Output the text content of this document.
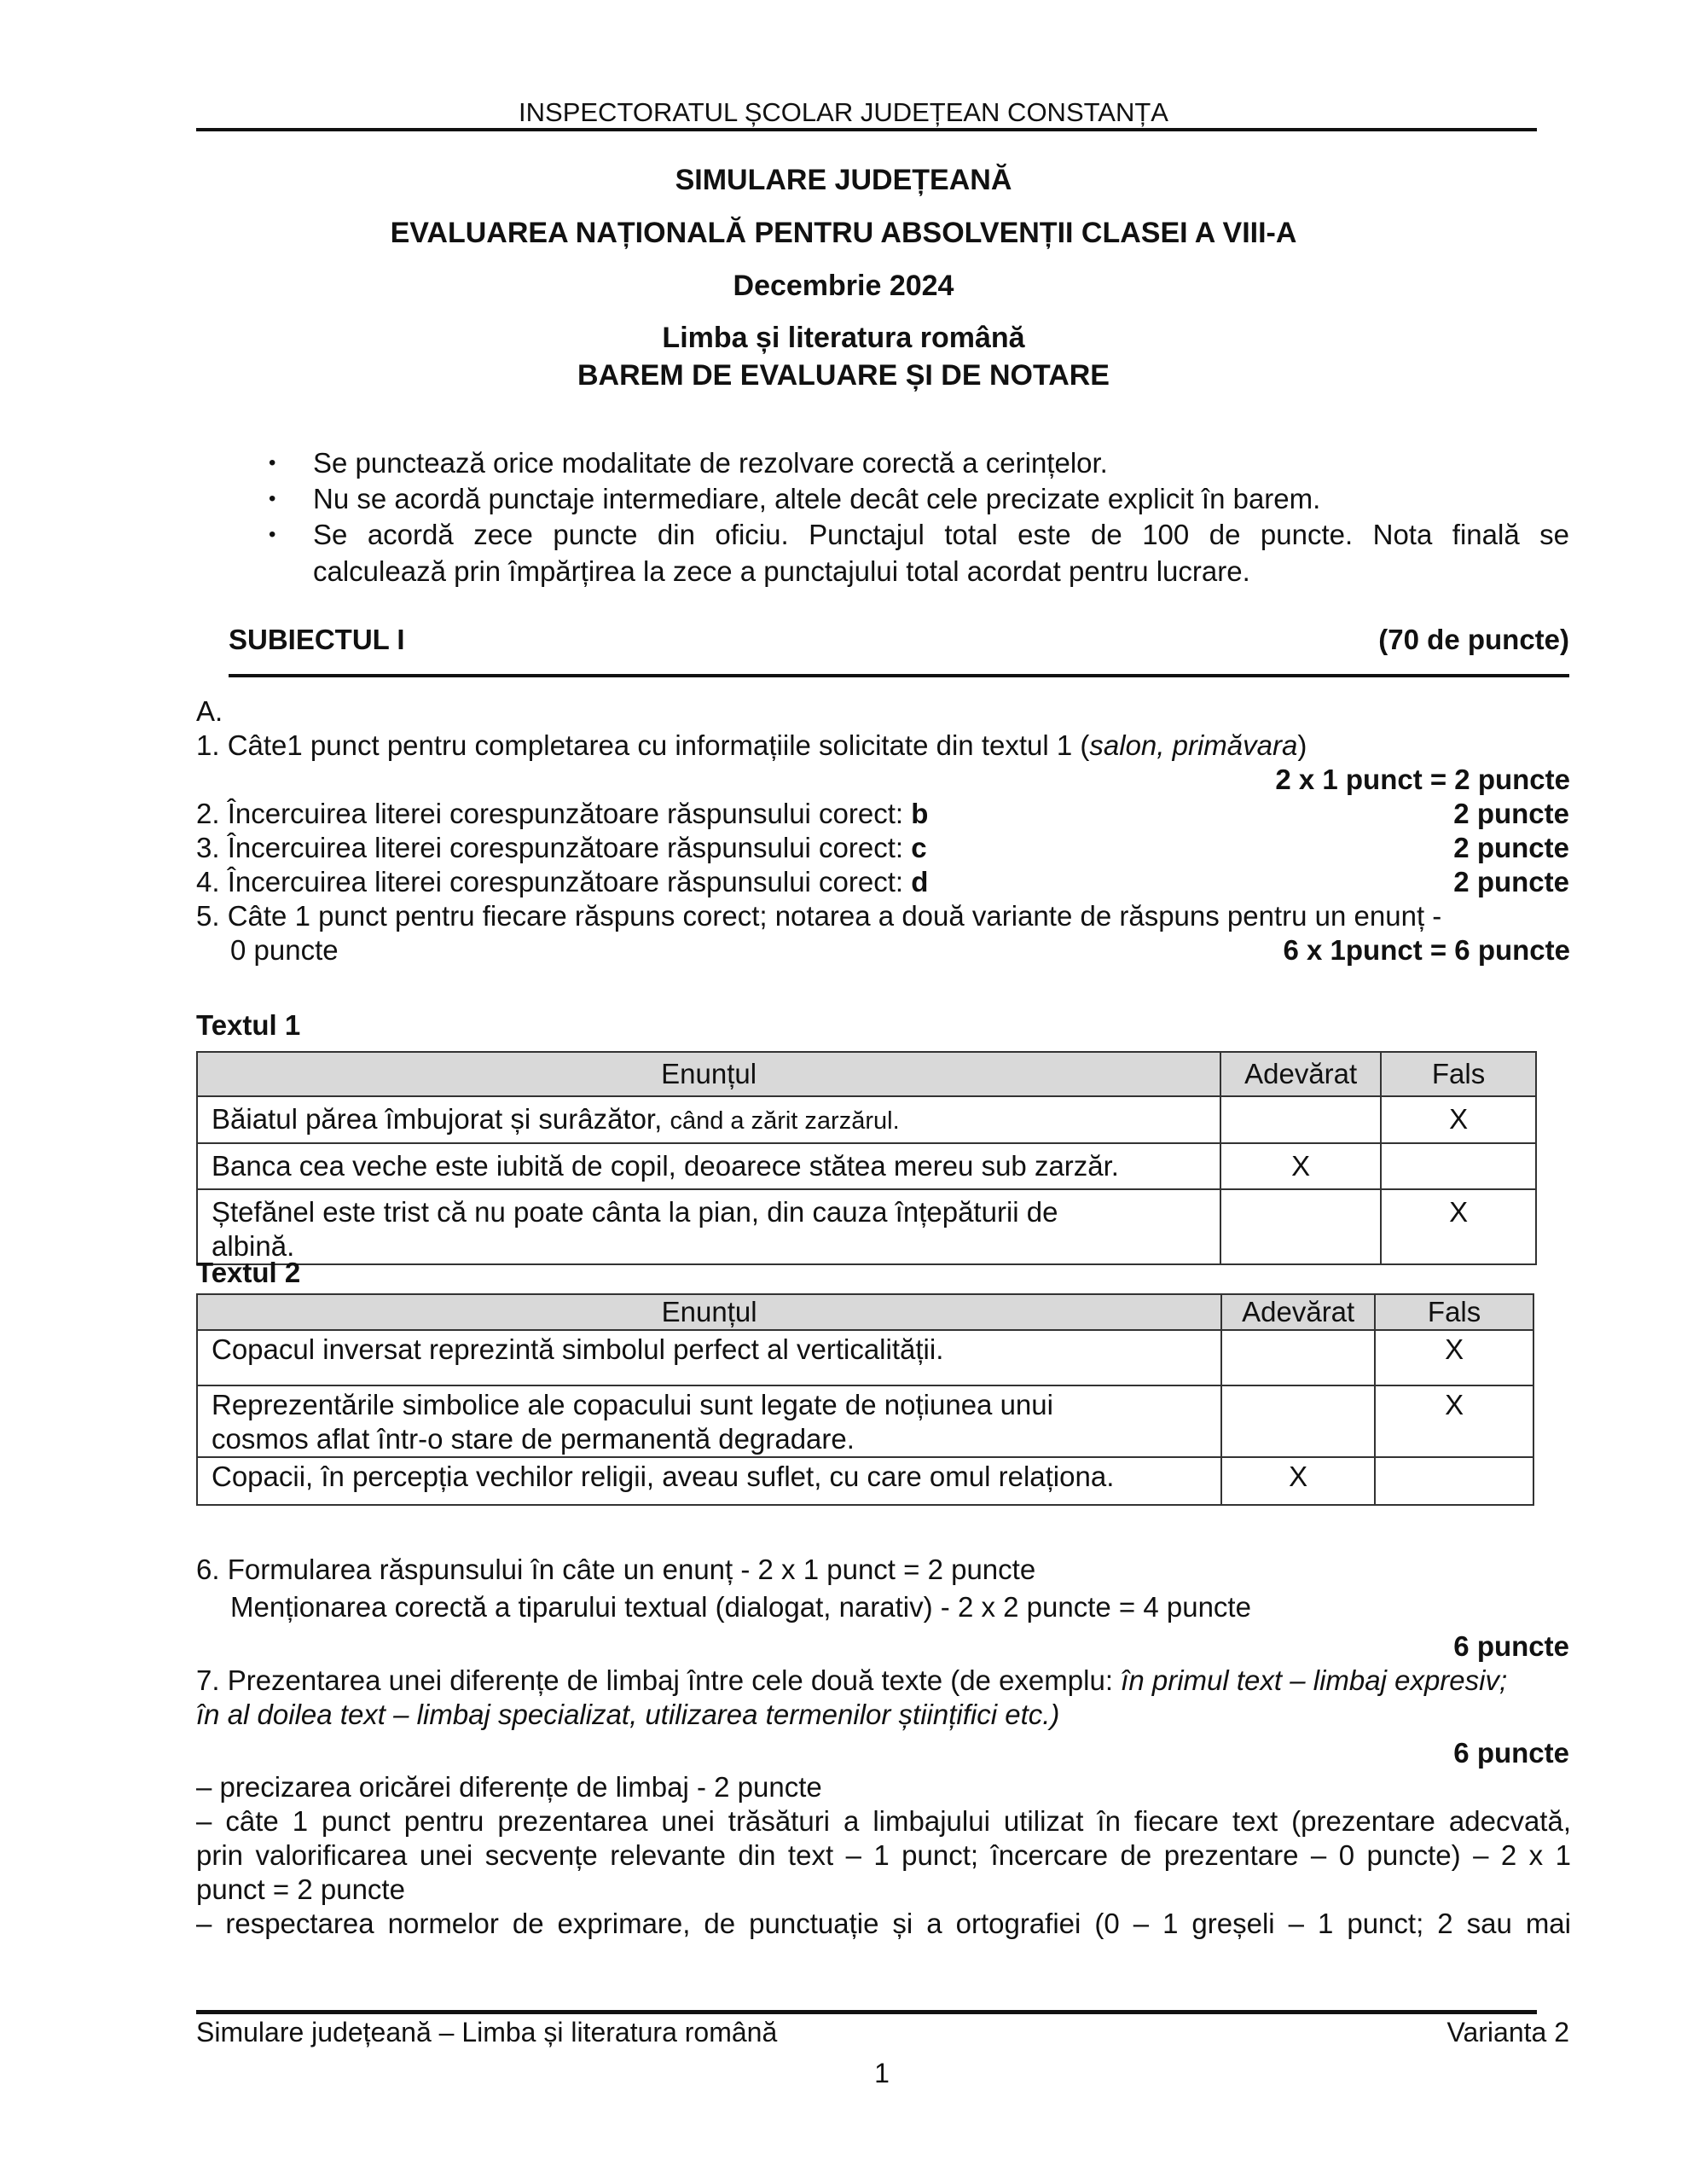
INSPECTORATUL ȘCOLAR JUDEȚEAN CONSTANȚA
SIMULARE JUDEȚEANĂ
EVALUAREA NAȚIONALĂ PENTRU ABSOLVENȚII CLASEI A VIII-A
Decembrie 2024
Limba și literatura română
BAREM DE EVALUARE ȘI DE NOTARE
• Se punctează orice modalitate de rezolvare corectă a cerințelor.
• Nu se acordă punctaje intermediare, altele decât cele precizate explicit în barem.
• Se acordă zece puncte din oficiu. Punctajul total este de 100 de puncte. Nota finală se
calculează prin împărțirea la zece a punctajului total acordat pentru lucrare.
SUBIECTUL I	(70 de puncte)
A.
1. Câte1 punct pentru completarea cu informațiile solicitate din textul 1 (salon, primăvara)
2 x 1 punct = 2 puncte
2. Încercuirea literei corespunzătoare răspunsului corect: b	2 puncte
3. Încercuirea literei corespunzătoare răspunsului corect: c	2 puncte
4. Încercuirea literei corespunzătoare răspunsului corect: d	2 puncte
5. Câte 1 punct pentru fiecare răspuns corect; notarea a două variante de răspuns pentru un enunț -
0 puncte	6 x 1punct = 6 puncte
Textul 1
Enunțul	Adevărat	Fals
Băiatul părea îmbujorat și surâzător, când a zărit zarzărul.		X
Banca cea veche este iubită de copil, deoarece stătea mereu sub zarzăr.	X	

Ștefănel este trist că nu poate cânta la pian, din cauza înțepăturii de
albină.		X
Textul 2
Enunțul	Adevărat	Fals
Copacul inversat reprezintă simbolul perfect al verticalității.		X

Reprezentările simbolice ale copacului sunt legate de noțiunea unui
cosmos aflat într-o stare de permanentă degradare.		X
Copacii, în percepția vechilor religii, aveau suflet, cu care omul relaționa.	X	
6. Formularea răspunsului în câte un enunț - 2 x 1 punct = 2 puncte
Menționarea corectă a tiparului textual (dialogat, narativ) - 2 x 2 puncte = 4 puncte
6 puncte
7. Prezentarea unei diferențe de limbaj între cele două texte (de exemplu: în primul text – limbaj expresiv;
în al doilea text – limbaj specializat, utilizarea termenilor științifici etc.)
6 puncte
– precizarea oricărei diferențe de limbaj - 2 puncte
– câte 1 punct pentru prezentarea unei trăsături a limbajului utilizat în fiecare text (prezentare adecvată,
prin valorificarea unei secvențe relevante din text – 1 punct; încercare de prezentare – 0 puncte) – 2 x 1
punct = 2 puncte
– respectarea normelor de exprimare, de punctuație și a ortografiei (0 – 1 greșeli – 1 punct; 2 sau mai
Simulare județeană – Limba și literatura română	Varianta 2
1
